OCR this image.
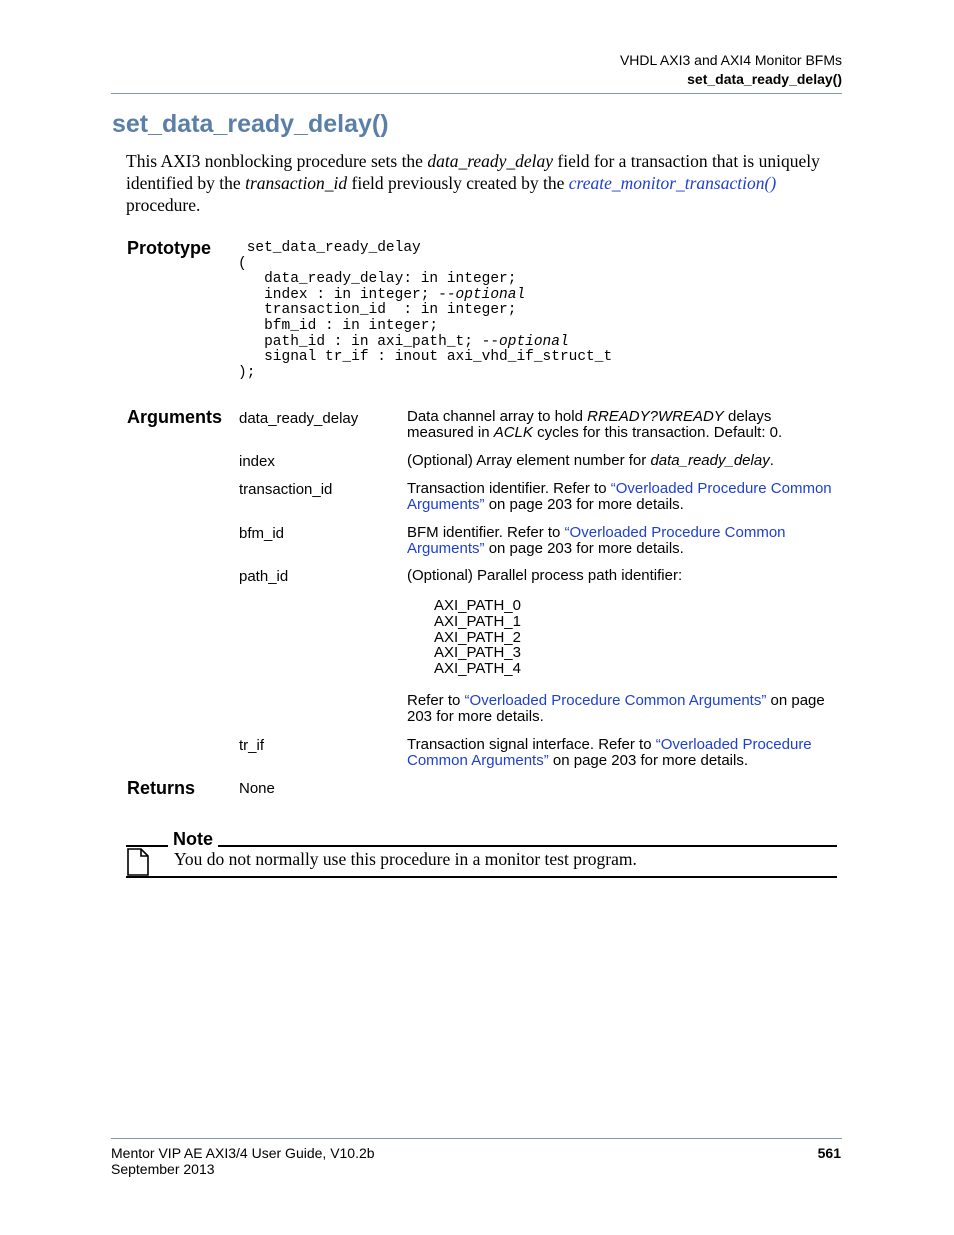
VHDL AXI3 and AXI4 Monitor BFMs
set_data_ready_delay()
set_data_ready_delay()
This AXI3 nonblocking procedure sets the data_ready_delay field for a transaction that is uniquely identified by the transaction_id field previously created by the create_monitor_transaction() procedure.
Prototype set_data_ready_delay
(
data_ready_delay: in integer;
index : in integer; --optional
transaction_id  : in integer;
bfm_id : in integer;
path_id : in axi_path_t; --optional
signal tr_if : inout axi_vhd_if_struct_t
);
Arguments data_ready_delay	Data channel array to hold RREADY?WREADY delays measured in ACLK cycles for this transaction. Default: 0.
index	(Optional) Array element number for data_ready_delay.
transaction_id	Transaction identifier. Refer to “Overloaded Procedure Common Arguments” on page 203 for more details.
bfm_id	BFM identifier. Refer to “Overloaded Procedure Common Arguments” on page 203 for more details.
path_id	(Optional) Parallel process path identifier:
AXI_PATH_0
AXI_PATH_1
AXI_PATH_2
AXI_PATH_3
AXI_PATH_4
Refer to “Overloaded Procedure Common Arguments” on page 203 for more details.
tr_if	Transaction signal interface. Refer to “Overloaded Procedure Common Arguments” on page 203 for more details.
Returns	None
Note
You do not normally use this procedure in a monitor test program.
Mentor VIP AE AXI3/4 User Guide, V10.2b
September 2013
561
